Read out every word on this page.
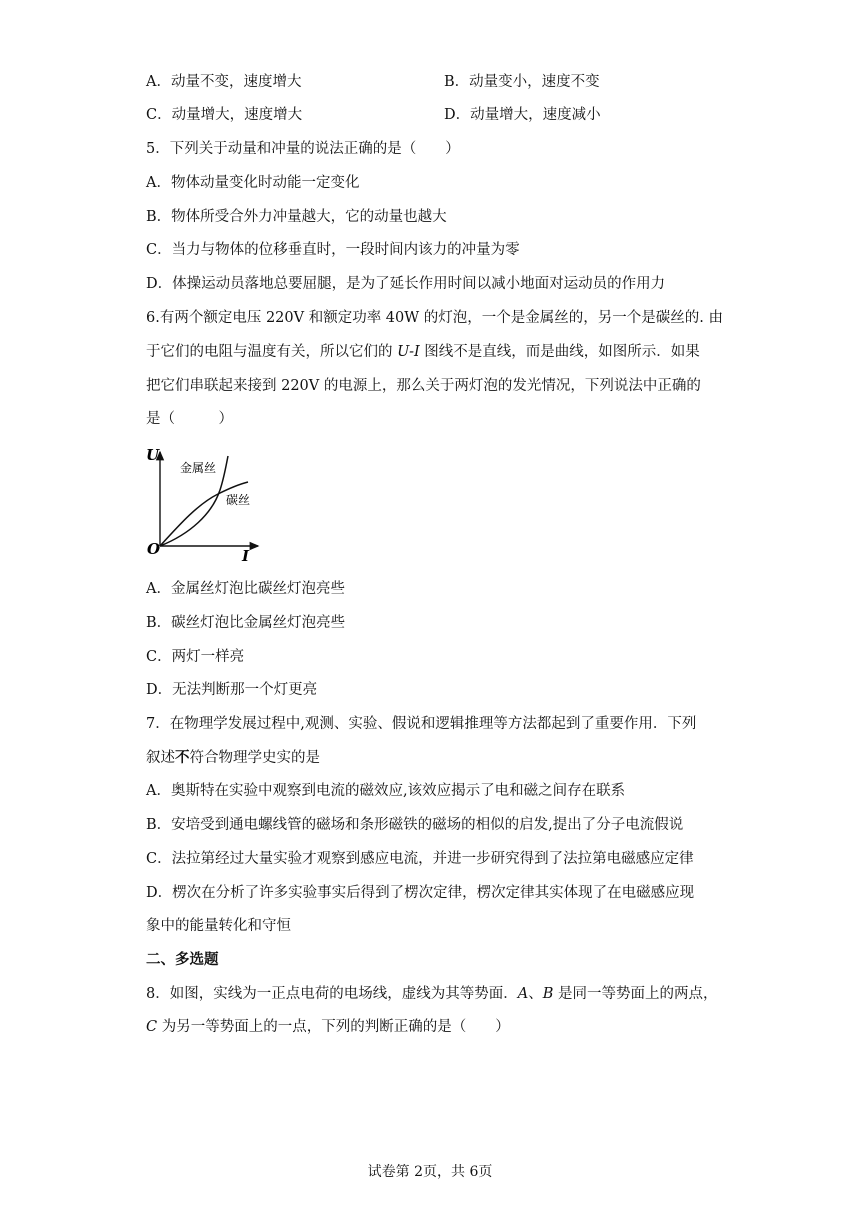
A．动量不变，速度增大	B．动量变小，速度不变
C．动量增大，速度增大	D．动量增大，速度减小
5．下列关于动量和冲量的说法正确的是（　　）
A．物体动量变化时动能一定变化
B．物体所受合外力冲量越大，它的动量也越大
C．当力与物体的位移垂直时，一段时间内该力的冲量为零
D．体操运动员落地总要屈腿，是为了延长作用时间以减小地面对运动员的作用力
6.有两个额定电压 220V 和额定功率 40W 的灯泡，一个是金属丝的，另一个是碳丝的. 由
于它们的电阻与温度有关，所以它们的 U-I 图线不是直线，而是曲线，如图所示．如果
把它们串联起来接到 220V 的电源上，那么关于两灯泡的发光情况，下列说法中正确的
是（　　　）
U
I
O
金属丝
碳丝
A．金属丝灯泡比碳丝灯泡亮些
B．碳丝灯泡比金属丝灯泡亮些
C．两灯一样亮
D．无法判断那一个灯更亮
7．在物理学发展过程中,观测、实验、假说和逻辑推理等方法都起到了重要作用．下列
叙述不符合物理学史实的是
A．奥斯特在实验中观察到电流的磁效应,该效应揭示了电和磁之间存在联系
B．安培受到通电螺线管的磁场和条形磁铁的磁场的相似的启发,提出了分子电流假说
C．法拉第经过大量实验才观察到感应电流，并进一步研究得到了法拉第电磁感应定律
D．楞次在分析了许多实验事实后得到了楞次定律，楞次定律其实体现了在电磁感应现
象中的能量转化和守恒
二、多选题
8．如图，实线为一正点电荷的电场线，虚线为其等势面．A、B 是同一等势面上的两点，
C 为另一等势面上的一点，下列的判断正确的是（　　）
试卷第 2页，共 6页
